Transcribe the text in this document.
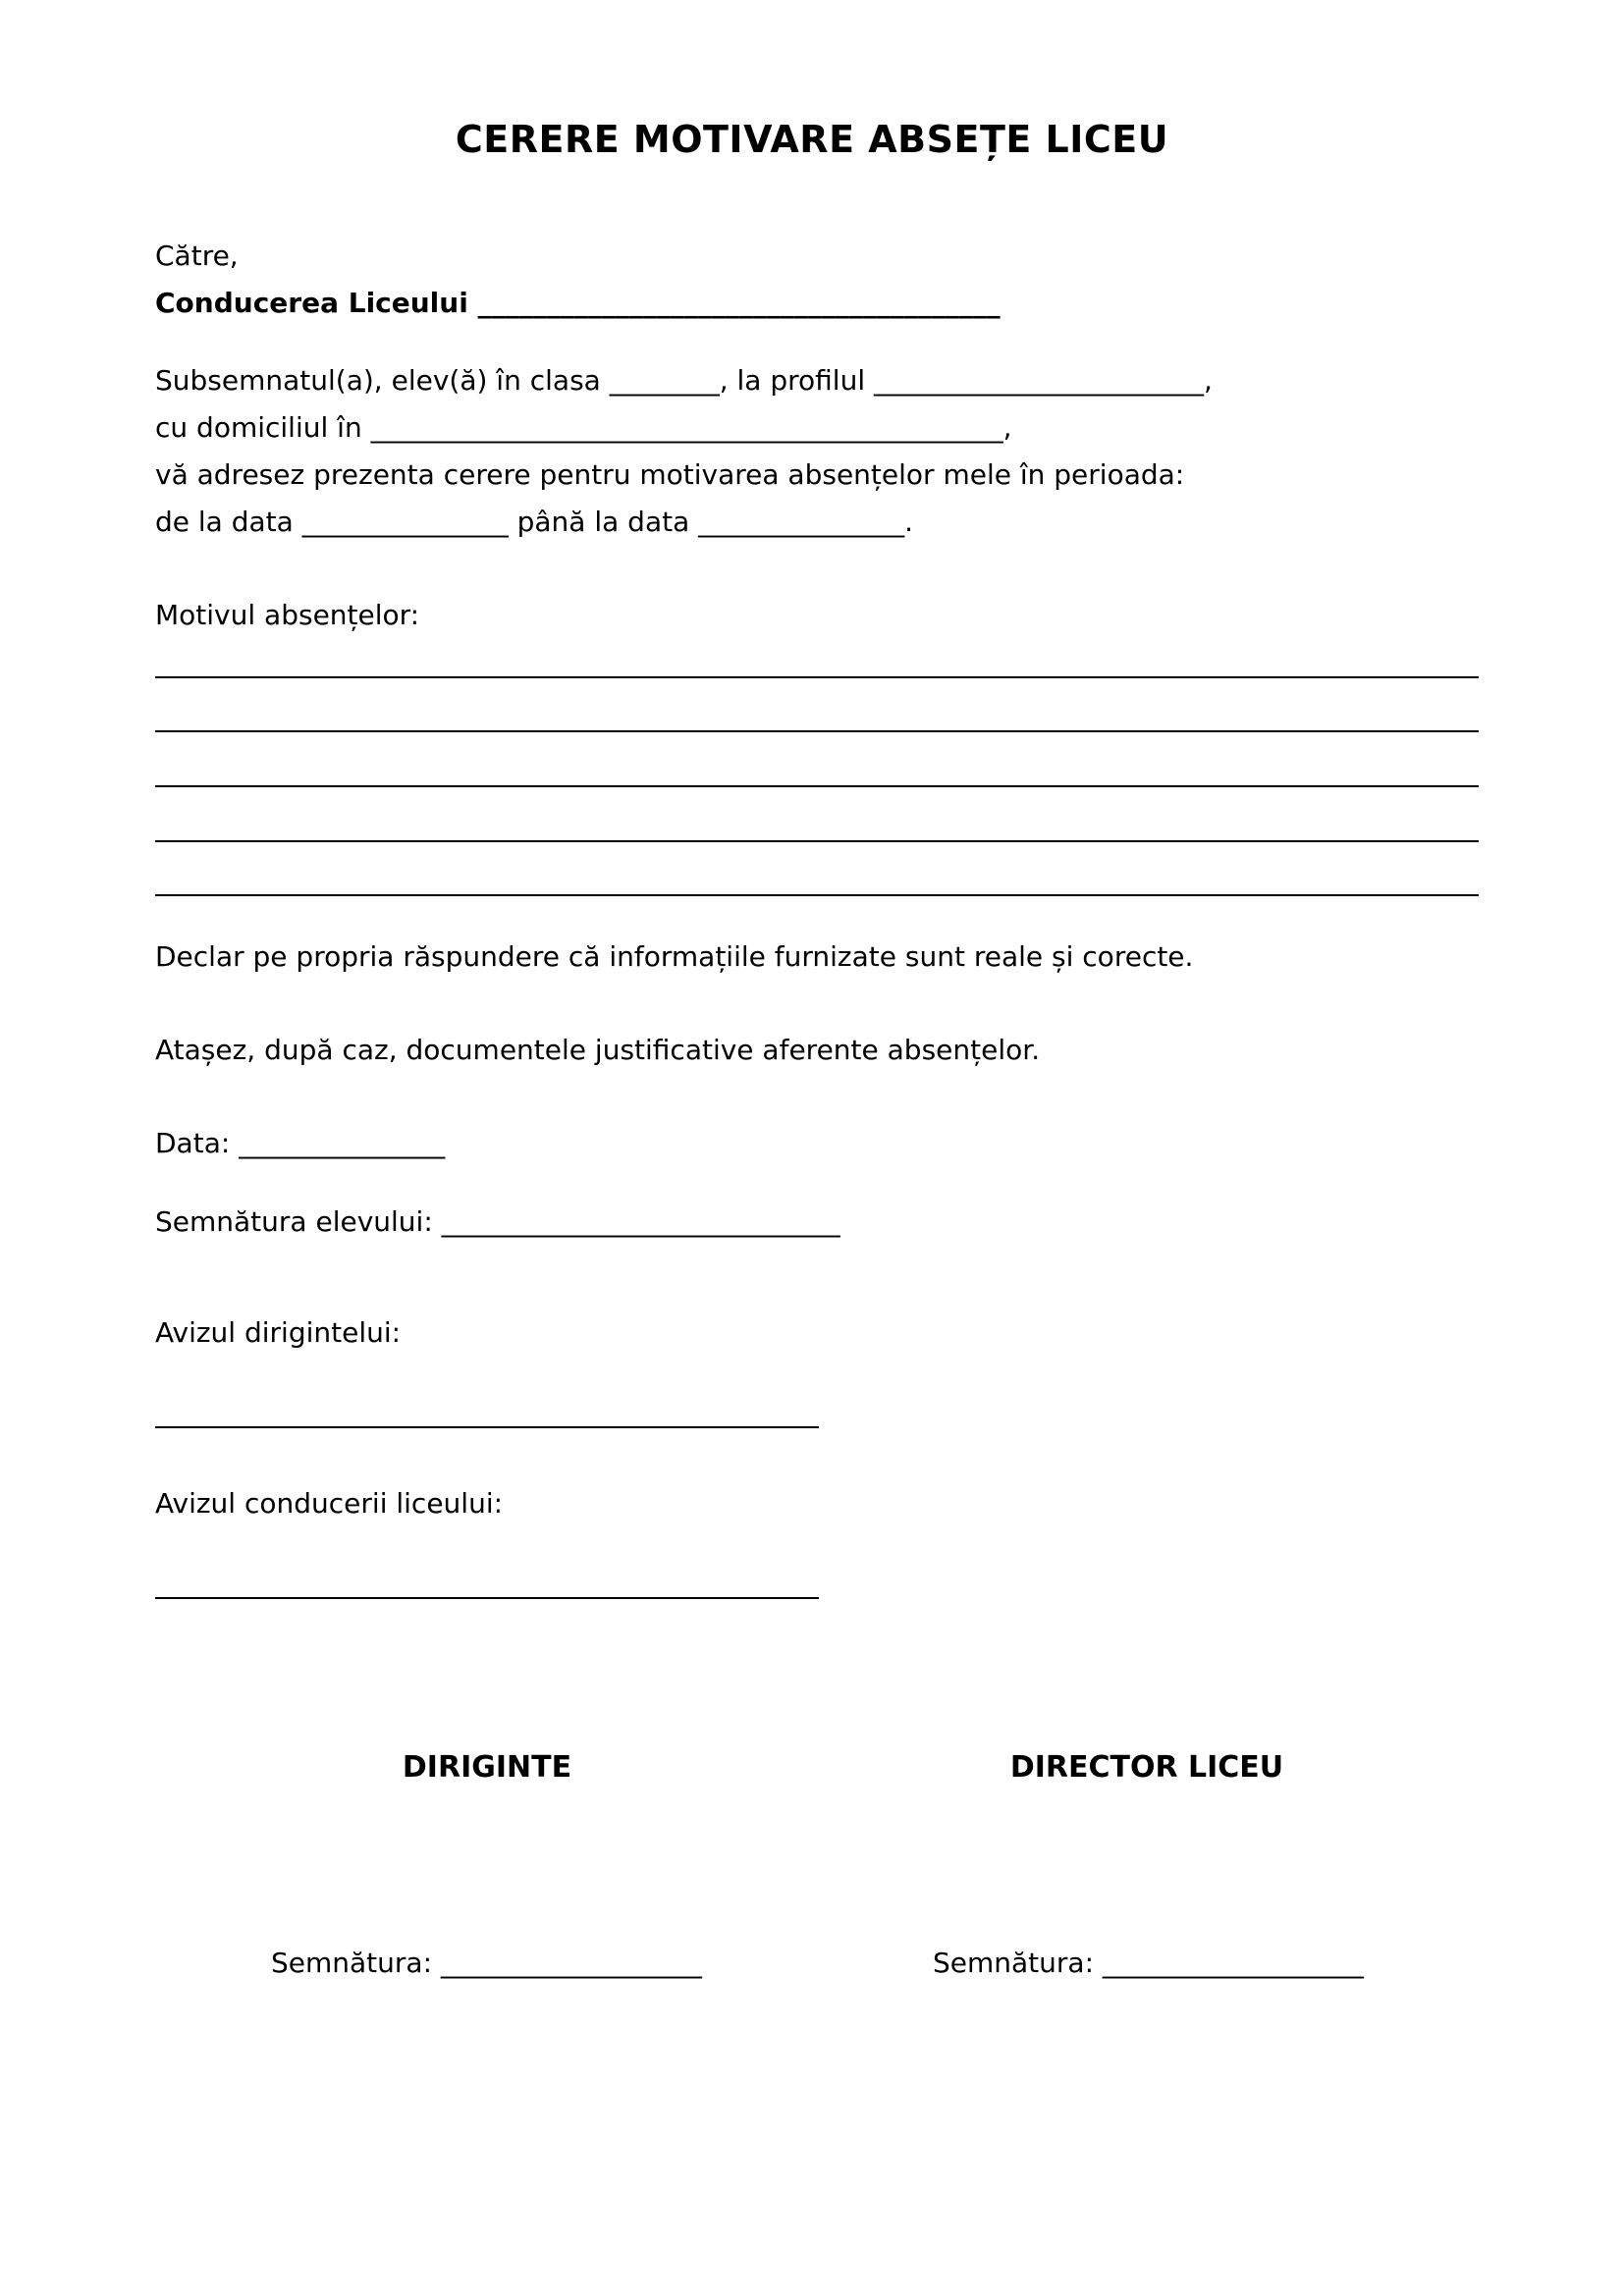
CERERE MOTIVARE ABSEȚE LICEU
Către,
Conducerea Liceului ______________________________________
Subsemnatul(a), elev(ă) în clasa ________, la profilul ________________________,
cu domiciliul în ______________________________________________,
vă adresez prezenta cerere pentru motivarea absențelor mele în perioada:
de la data _______________ până la data _______________.
Motivul absențelor:
Declar pe propria răspundere că informațiile furnizate sunt reale și corecte.
Atașez, după caz, documentele justificative aferente absențelor.
Data: _______________
Semnătura elevului: _____________________________
Avizul dirigintelui:
Avizul conducerii liceului:
DIRIGINTE	DIRECTOR LICEU
Semnătura: ___________________	Semnătura: ___________________
